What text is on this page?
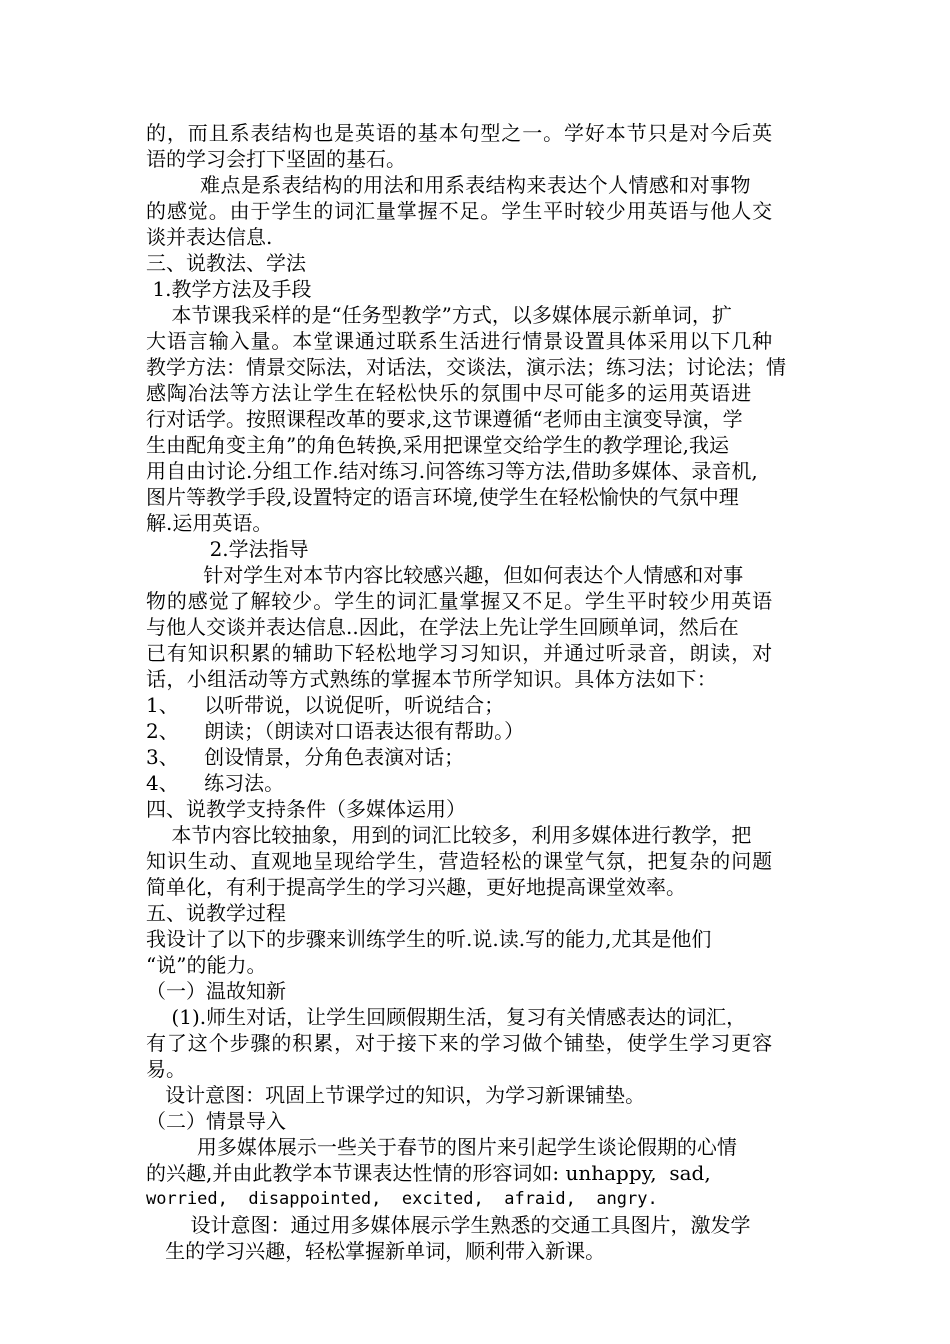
的，而且系表结构也是英语的基本句型之一。学好本节只是对今后英
语的学习会打下坚固的基石。
难点是系表结构的用法和用系表结构来表达个人情感和对事物
的感觉。由于学生的词汇量掌握不足。学生平时较少用英语与他人交
谈并表达信息.
三、说教法、学法
1.教学方法及手段
本节课我采样的是“任务型教学”方式，以多媒体展示新单词，扩
大语言输入量。本堂课通过联系生活进行情景设置具体采用以下几种
教学方法：情景交际法，对话法，交谈法，演示法；练习法；讨论法；情
感陶冶法等方法让学生在轻松快乐的氛围中尽可能多的运用英语进
行对话学。按照课程改革的要求,这节课遵循“老师由主演变导演，学
生由配角变主角”的角色转换,采用把课堂交给学生的教学理论,我运
用自由讨论.分组工作.结对练习.问答练习等方法,借助多媒体、录音机,
图片等教学手段,设置特定的语言环境,使学生在轻松愉快的气氛中理
解.运用英语。
2.学法指导
针对学生对本节内容比较感兴趣，但如何表达个人情感和对事
物的感觉了解较少。学生的词汇量掌握又不足。学生平时较少用英语
与他人交谈并表达信息..因此，在学法上先让学生回顾单词，然后在
已有知识积累的辅助下轻松地学习习知识，并通过听录音，朗读，对
话，小组活动等方式熟练的掌握本节所学知识。具体方法如下：
1、    以听带说，以说促听，听说结合；
2、    朗读；（朗读对口语表达很有帮助。）
3、    创设情景，分角色表演对话；
4、    练习法。
四、说教学支持条件（多媒体运用）
本节内容比较抽象，用到的词汇比较多，利用多媒体进行教学，把
知识生动、直观地呈现给学生，营造轻松的课堂气氛，把复杂的问题
简单化，有利于提高学生的学习兴趣，更好地提高课堂效率。
五、说教学过程
我设计了以下的步骤来训练学生的听.说.读.写的能力,尤其是他们
“说”的能力。
（一）温故知新
(1).师生对话，让学生回顾假期生活，复习有关情感表达的词汇，
有了这个步骤的积累，对于接下来的学习做个铺垫，使学生学习更容
易。
设计意图：巩固上节课学过的知识，为学习新课铺垫。
（二）情景导入
用多媒体展示一些关于春节的图片来引起学生谈论假期的心情
的兴趣,并由此教学本节课表达性情的形容词如: unhappy,  sad,
worried,  disappointed,  excited,  afraid,  angry.
设计意图：通过用多媒体展示学生熟悉的交通工具图片，激发学
生的学习兴趣，轻松掌握新单词，顺利带入新课。
